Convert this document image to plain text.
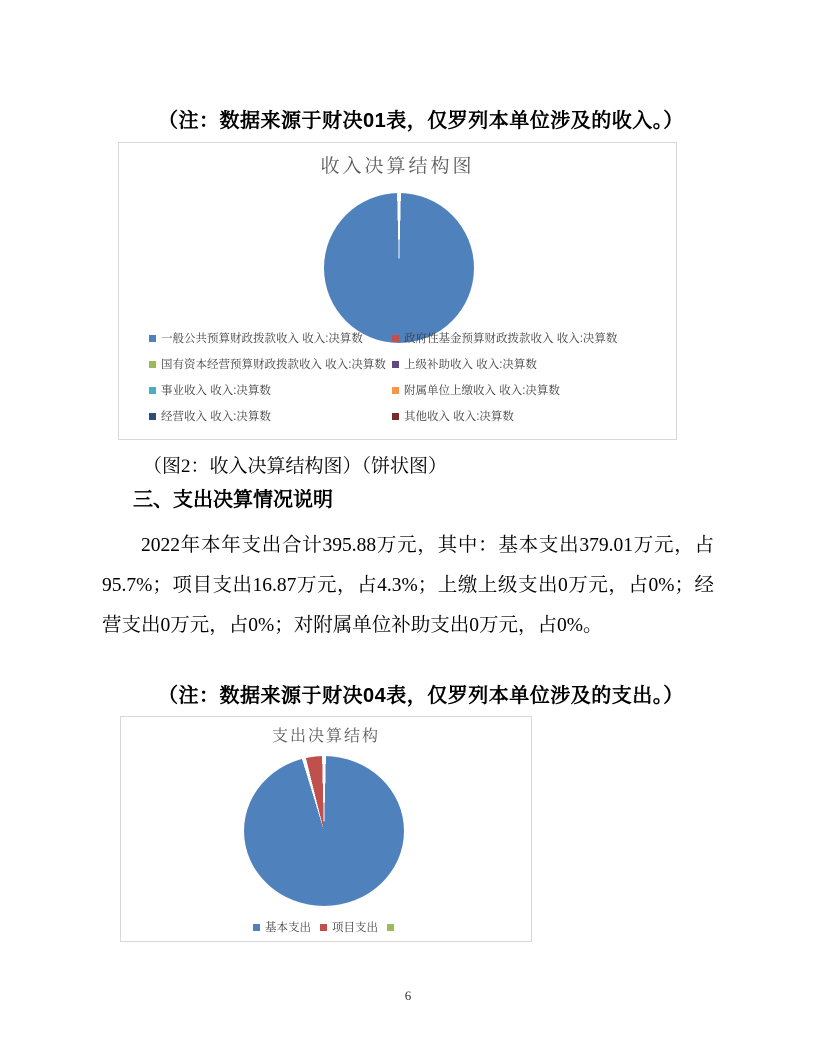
（注：数据来源于财决01表，仅罗列本单位涉及的收入。）
收入决算结构图
一般公共预算财政拨款收入 收入:决算数	政府性基金预算财政拨款收入 收入:决算数
国有资本经营预算财政拨款收入 收入:决算数 上级补助收入 收入:决算数
事业收入 收入:决算数	附属单位上缴收入 收入:决算数
经营收入 收入:决算数	其他收入 收入:决算数
（图2：收入决算结构图）（饼状图）
三、支出决算情况说明
2022年本年支出合计395.88万元，其中：基本支出379.01万元，占95.7%；项目支出16.87万元，占4.3%；上缴上级支出0万元，占0%；经营支出0万元，占0%；对附属单位补助支出0万元，占0%。
（注：数据来源于财决04表，仅罗列本单位涉及的支出。）
支出决算结构
基本支出 项目支出
6
